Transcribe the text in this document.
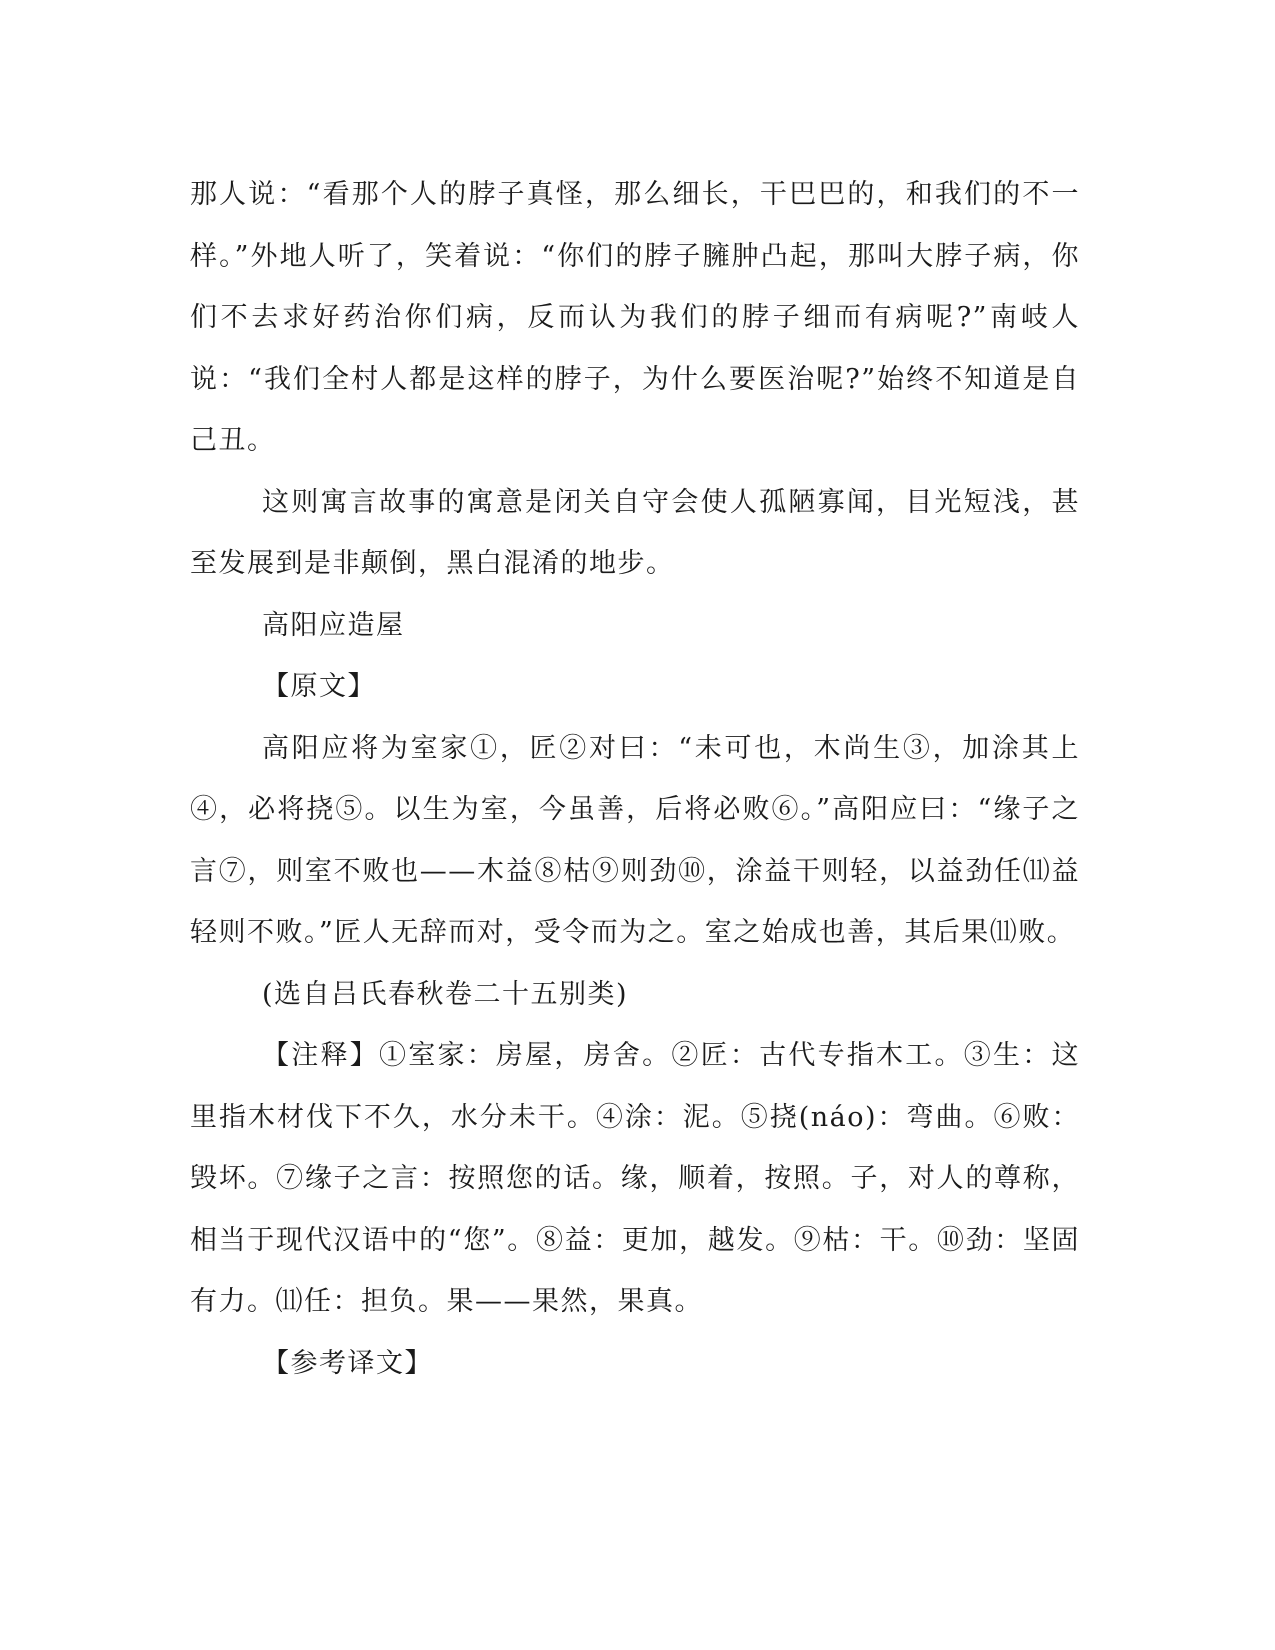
那人说：“看那个人的脖子真怪，那么细长，干巴巴的，和我们的不一样。”外地人听了，笑着说：“你们的脖子臃肿凸起，那叫大脖子病，你们不去求好药治你们病，反而认为我们的脖子细而有病呢?”南岐人说：“我们全村人都是这样的脖子，为什么要医治呢?”始终不知道是自己丑。

这则寓言故事的寓意是闭关自守会使人孤陋寡闻，目光短浅，甚至发展到是非颠倒，黑白混淆的地步。

高阳应造屋

【原文】

高阳应将为室家①，匠②对曰：“未可也，木尚生③，加涂其上④，必将挠⑤。以生为室，今虽善，后将必败⑥。”高阳应曰：“缘子之言⑦，则室不败也——木益⑧枯⑨则劲⑩，涂益干则轻，以益劲任⑾益轻则不败。”匠人无辞而对，受令而为之。室之始成也善，其后果⑾败。

(选自吕氏春秋卷二十五别类)

【注释】①室家：房屋，房舍。②匠：古代专指木工。③生：这里指木材伐下不久，水分未干。④涂：泥。⑤挠(náo)：弯曲。⑥败：毁坏。⑦缘子之言：按照您的话。缘，顺着，按照。子，对人的尊称，相当于现代汉语中的“您”。⑧益：更加，越发。⑨枯：干。⑩劲：坚固有力。⑾任：担负。果——果然，果真。

【参考译文】
